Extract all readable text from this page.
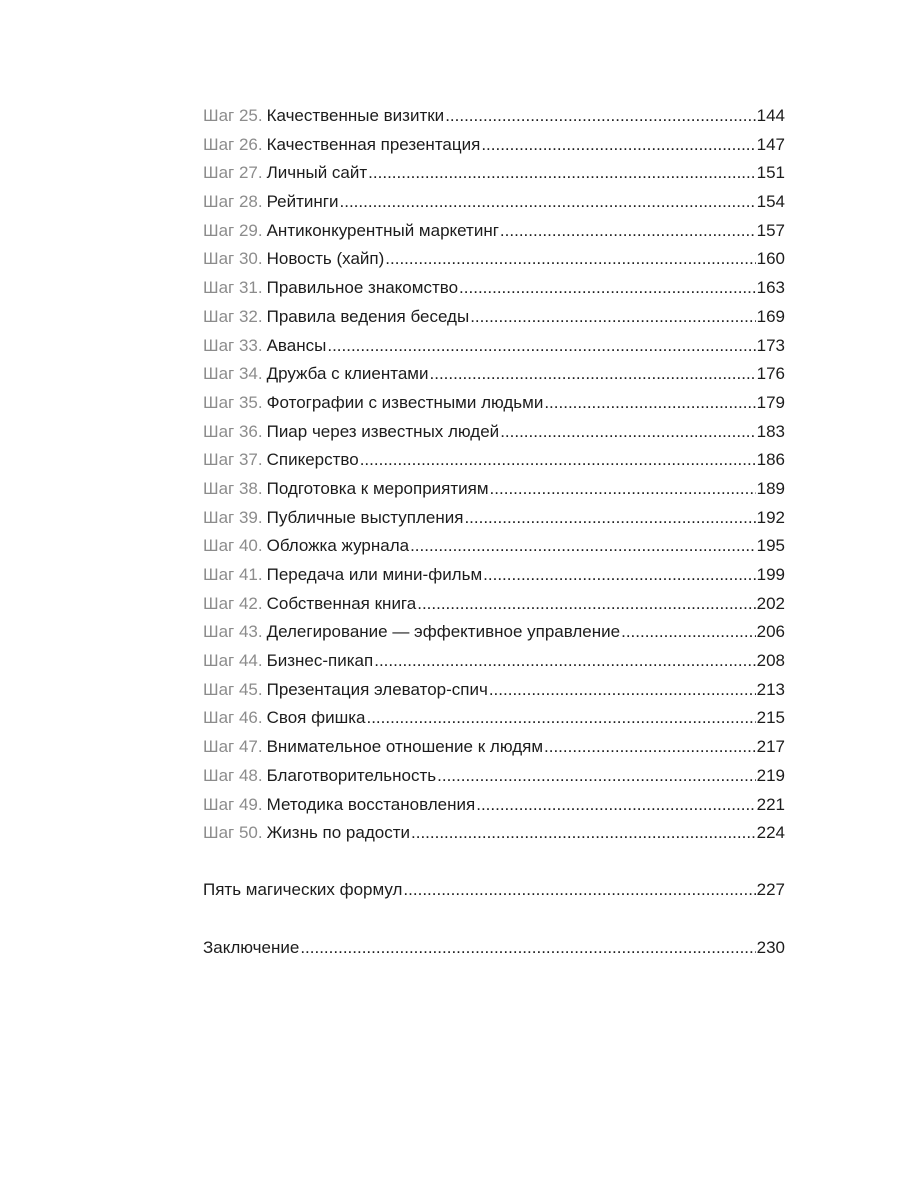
Шаг 25. Качественные визитки .....	144
Шаг 26. Качественная презентация .....	147
Шаг 27. Личный сайт .....	151
Шаг 28. Рейтинги .....	154
Шаг 29. Антиконкурентный маркетинг .....	157
Шаг 30. Новость (хайп) .....	160
Шаг 31. Правильное знакомство .....	163
Шаг 32. Правила ведения беседы .....	169
Шаг 33. Авансы .....	173
Шаг 34. Дружба с клиентами .....	176
Шаг 35. Фотографии с известными людьми .....	179
Шаг 36. Пиар через известных людей .....	183
Шаг 37. Спикерство .....	186
Шаг 38. Подготовка к мероприятиям .....	189
Шаг 39. Публичные выступления .....	192
Шаг 40. Обложка журнала .....	195
Шаг 41. Передача или мини-фильм .....	199
Шаг 42. Собственная книга .....	202
Шаг 43. Делегирование — эффективное управление .....	206
Шаг 44. Бизнес-пикап .....	208
Шаг 45. Презентация элеватор-спич .....	213
Шаг 46. Своя фишка .....	215
Шаг 47. Внимательное отношение к людям .....	217
Шаг 48. Благотворительность .....	219
Шаг 49. Методика восстановления .....	221
Шаг 50. Жизнь по радости .....	224
Пять магических формул .....	227
Заключение .....	230
